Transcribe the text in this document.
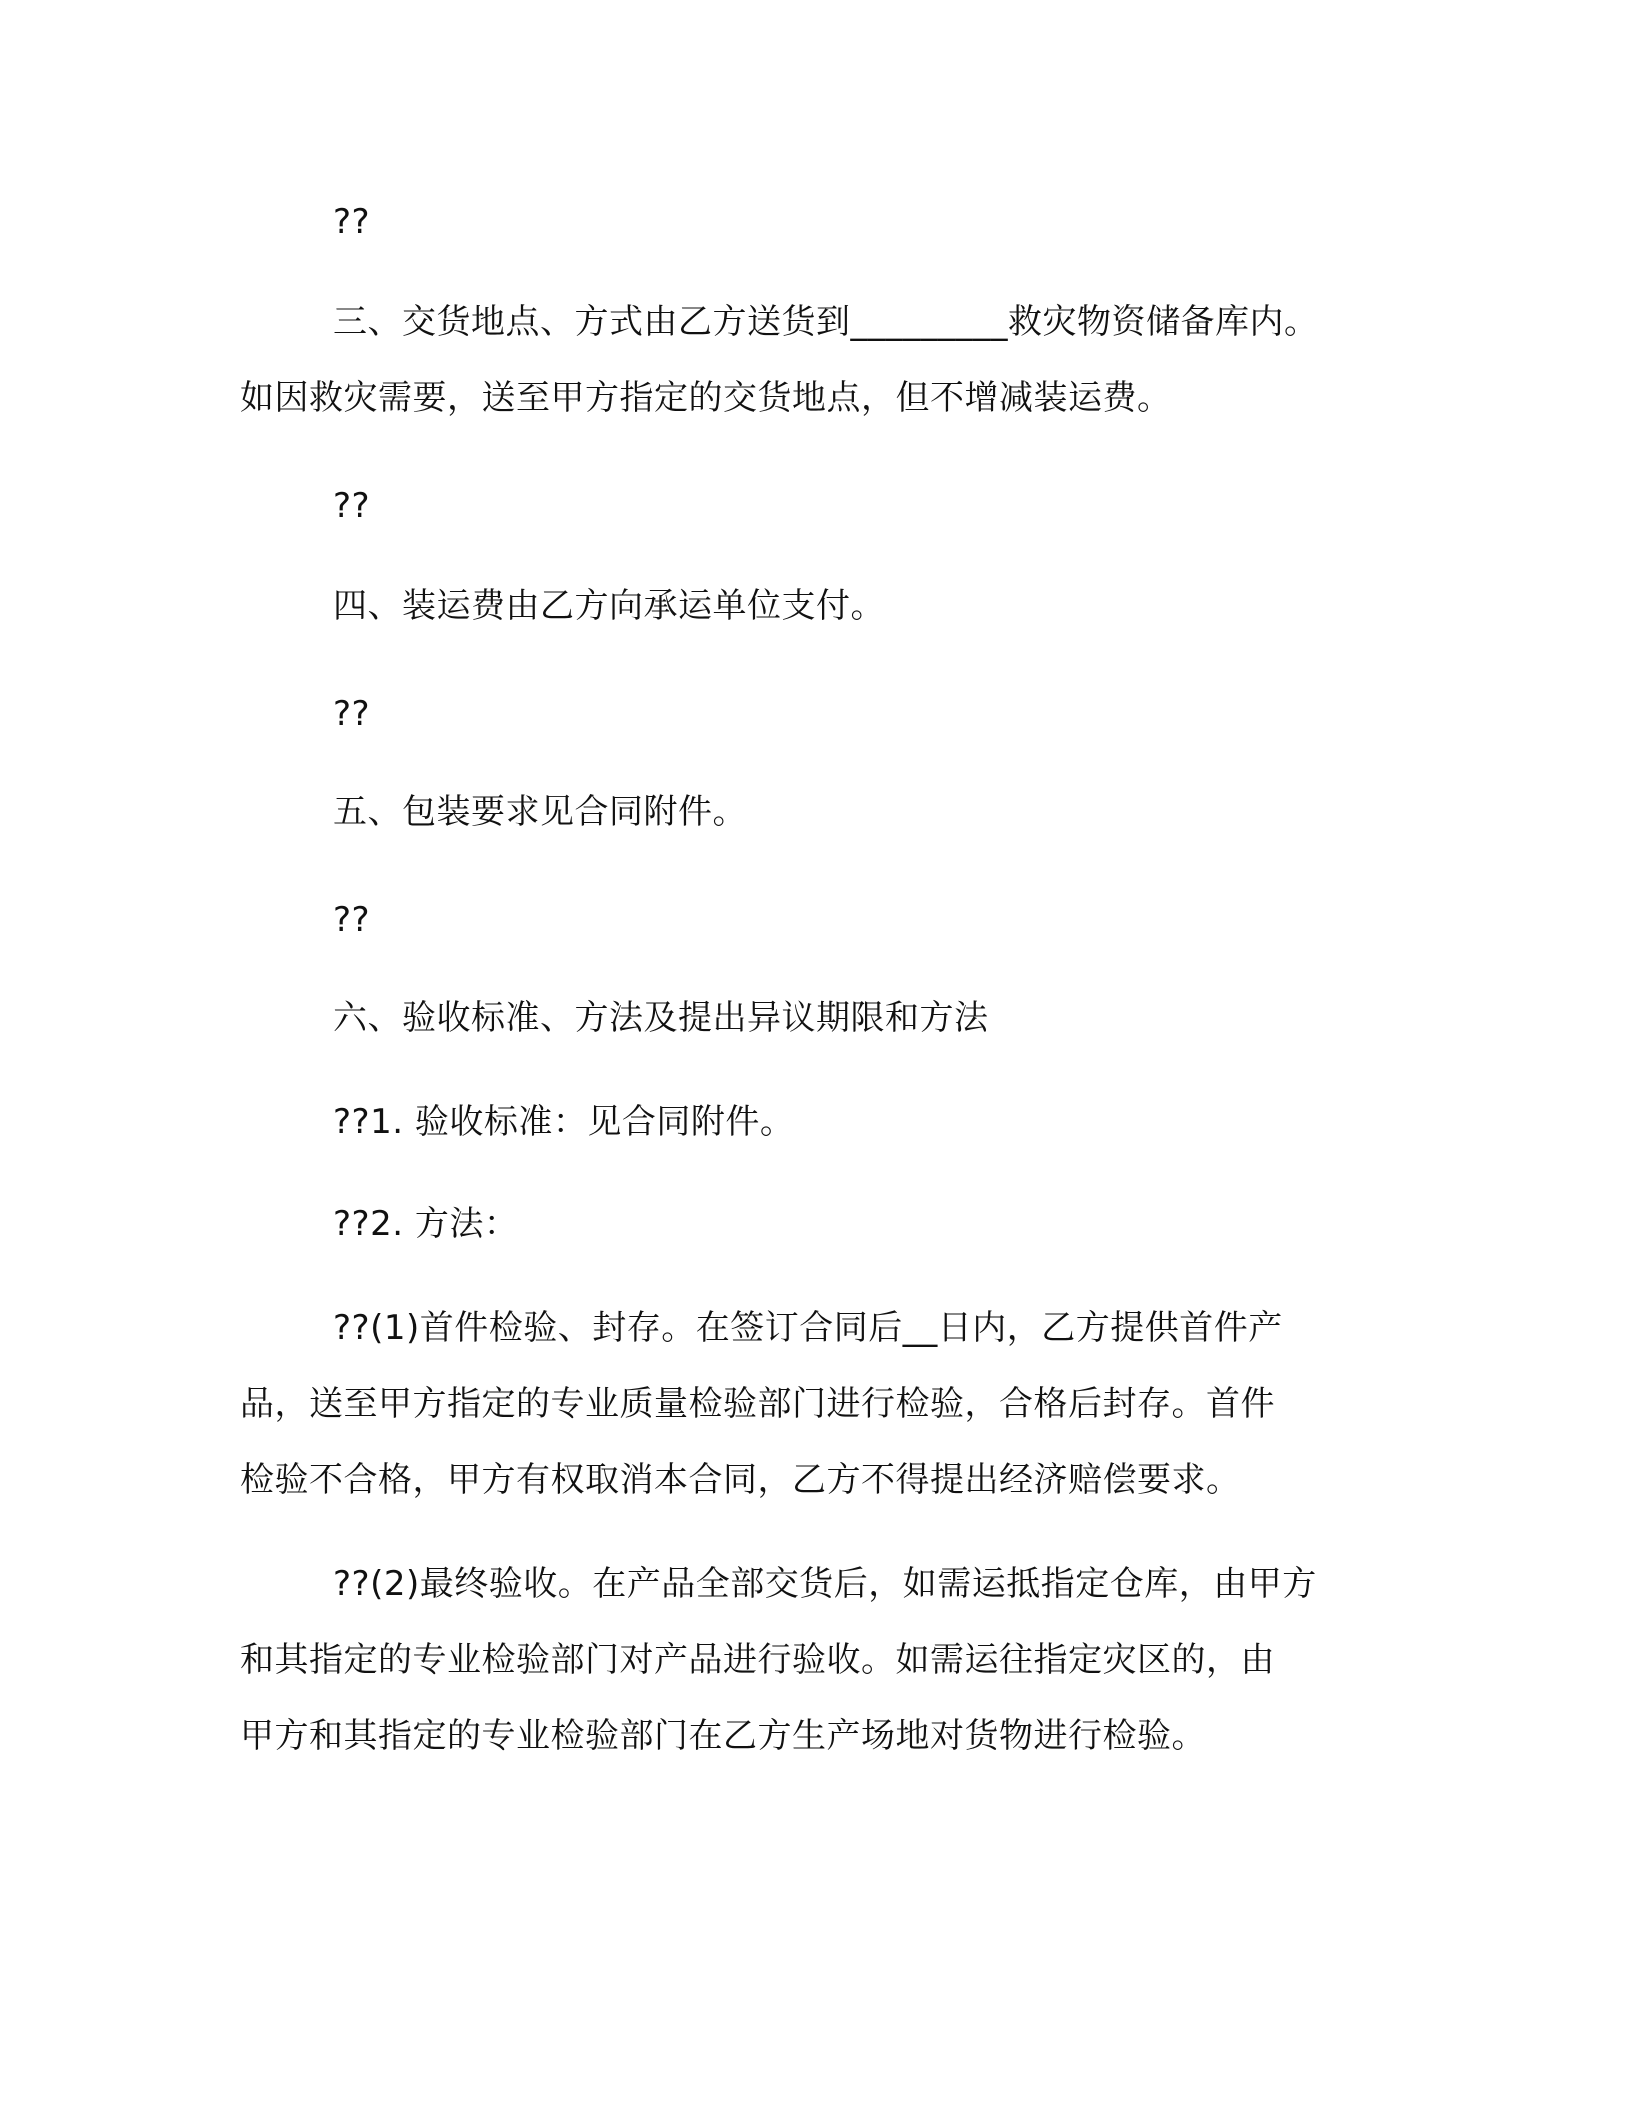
??
三、交货地点、方式由乙方送货到_________救灾物资储备库内。
如因救灾需要，送至甲方指定的交货地点，但不增减装运费。
??
四、装运费由乙方向承运单位支付。
??
五、包装要求见合同附件。
??
六、验收标准、方法及提出异议期限和方法
??1. 验收标准：见合同附件。
??2. 方法：
??(1)首件检验、封存。在签订合同后__日内，乙方提供首件产
品，送至甲方指定的专业质量检验部门进行检验，合格后封存。首件
检验不合格，甲方有权取消本合同，乙方不得提出经济赔偿要求。
??(2)最终验收。在产品全部交货后，如需运抵指定仓库，由甲方
和其指定的专业检验部门对产品进行验收。如需运往指定灾区的，由
甲方和其指定的专业检验部门在乙方生产场地对货物进行检验。
